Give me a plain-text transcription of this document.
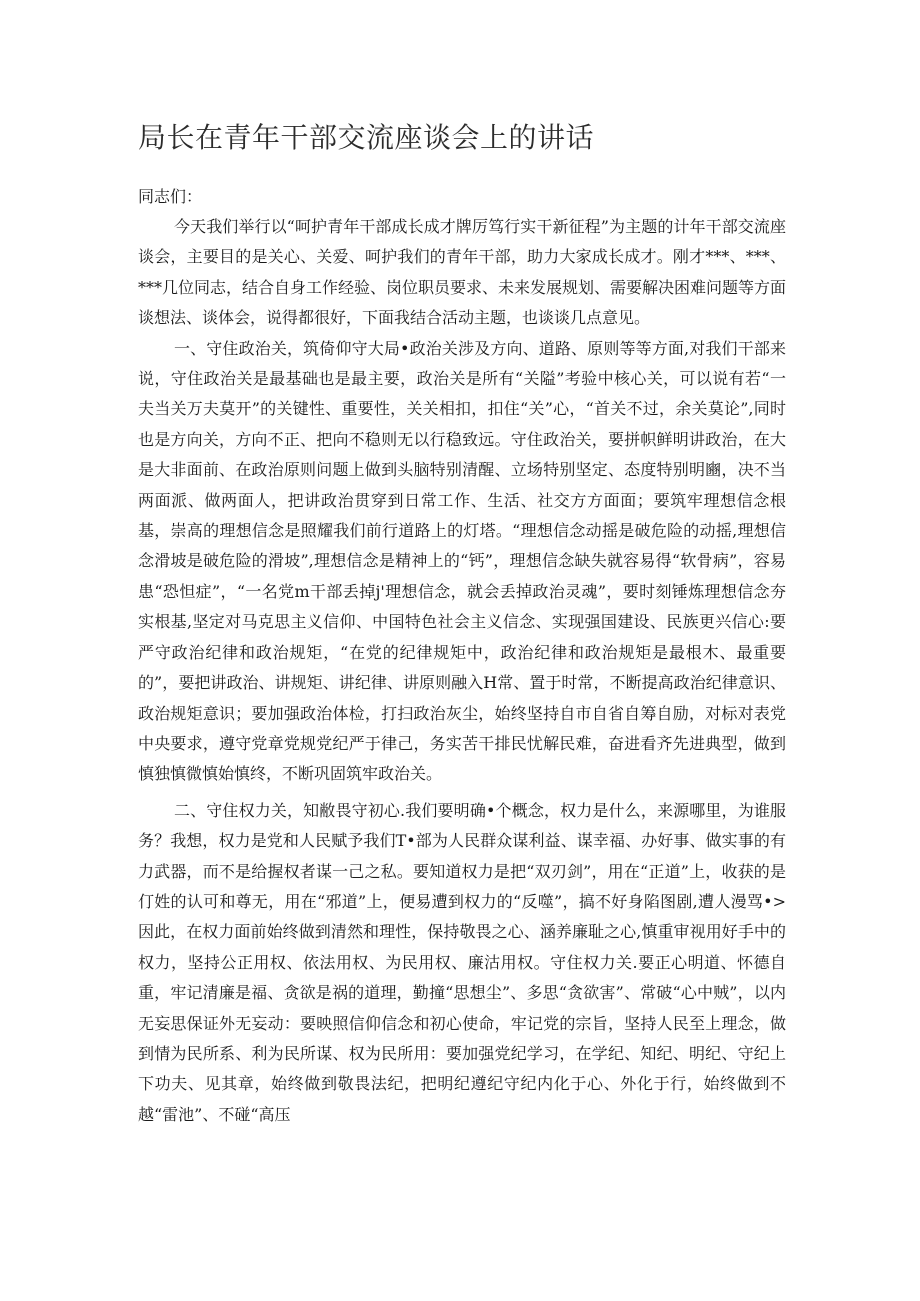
局长在青年干部交流座谈会上的讲话

同志们：

今天我们举行以“呵护青年干部成长成才牌厉笃行实干新征程”为主题的计年干部交流座谈会，主要目的是关心、关爱、呵护我们的青年干部，助力大家成长成才。刚才***、***、***几位同志，结合自身工作经验、岗位职员要求、未来发展规划、需要解决困难问题等方面谈想法、谈体会，说得都很好，下面我结合活动主题，也谈谈几点意见。

一、守住政治关，筑倚仰守大局•政治关涉及方向、道路、原则等等方面,对我们干部来说，守住政治关是最基础也是最主要，政治关是所有“关隘”考验中核心关，可以说有若“一夫当关万夫莫开”的关键性、重要性，关关相扣，扣住“关”心，“首关不过，余关莫论”,同时也是方向关，方向不正、把向不稳则无以行稳致远。守住政治关，要拼帜鲜明讲政治，在大是大非面前、在政治原则问题上做到头脑特别清醒、立场特别坚定、态度特别明豳，决不当两面派、做两面人，把讲政治贯穿到日常工作、生活、社交方方面面；要筑牢理想信念根基，崇高的理想信念是照耀我们前行道路上的灯塔。“理想信念动摇是破危险的动摇,理想信念滑坡是破危险的滑坡”,理想信念是精神上的“钙”，理想信念缺失就容易得“软骨病”，容易患“恐怛症”，“一名党m干部丢掉j'理想信念，就会丢掉政治灵魂”，要时刻锤炼理想信念夯实根基,坚定对马克思主义信仰、中国特色社会主义信念、实现强国建设、民族更兴信心:要严守政治纪律和政治规矩，“在党的纪律规矩中，政治纪律和政治规矩是最根木、最重要的”，要把讲政治、讲规矩、讲纪律、讲原则融入H常、置于时常，不断提高政治纪律意识、政治规矩意识；要加强政治体检，打扫政治灰尘，始终坚持自市自省自筹自励，对标对表党中央要求，遵守党章党规党纪严于律己，务实苦干排民忧解民难，奋进看齐先进典型，做到慎独慎微慎始慎终，不断巩固筑牢政治关。

二、守住权力关，知敝畏守初心.我们要明确•个概念，权力是什么，来源哪里，为谁服务？我想，权力是党和人民赋予我们T•部为人民群众谋利益、谋幸福、办好事、做实事的有力武器，而不是给握权者谋一己之私。要知道权力是把“双刃剑”，用在“正道”上，收获的是仃姓的认可和尊无，用在“邪道”上，便易遭到权力的“反噬”，搞不好身陷图剧,遭人漫骂•>因此，在权力面前始终做到清然和理性，保持敬畏之心、涵养廉耻之心,慎重审视用好手中的权力，坚持公正用权、依法用权、为民用权、廉沽用权。守住权力关.要正心明道、怀德自重，牢记清廉是福、贪欲是祸的道理，勤撞“思想尘”、多思“贪欲害”、常破“心中贼”，以内无妄思保证外无妄动：要映照信仰信念和初心使命，牢记党的宗旨，坚持人民至上理念，做到情为民所系、利为民所谋、权为民所用：要加强党纪学习，在学纪、知纪、明纪、守纪上下功夫、见其章，始终做到敬畏法纪，把明纪遵纪守纪内化于心、外化于行，始终做到不越“雷池”、不碰“高压
